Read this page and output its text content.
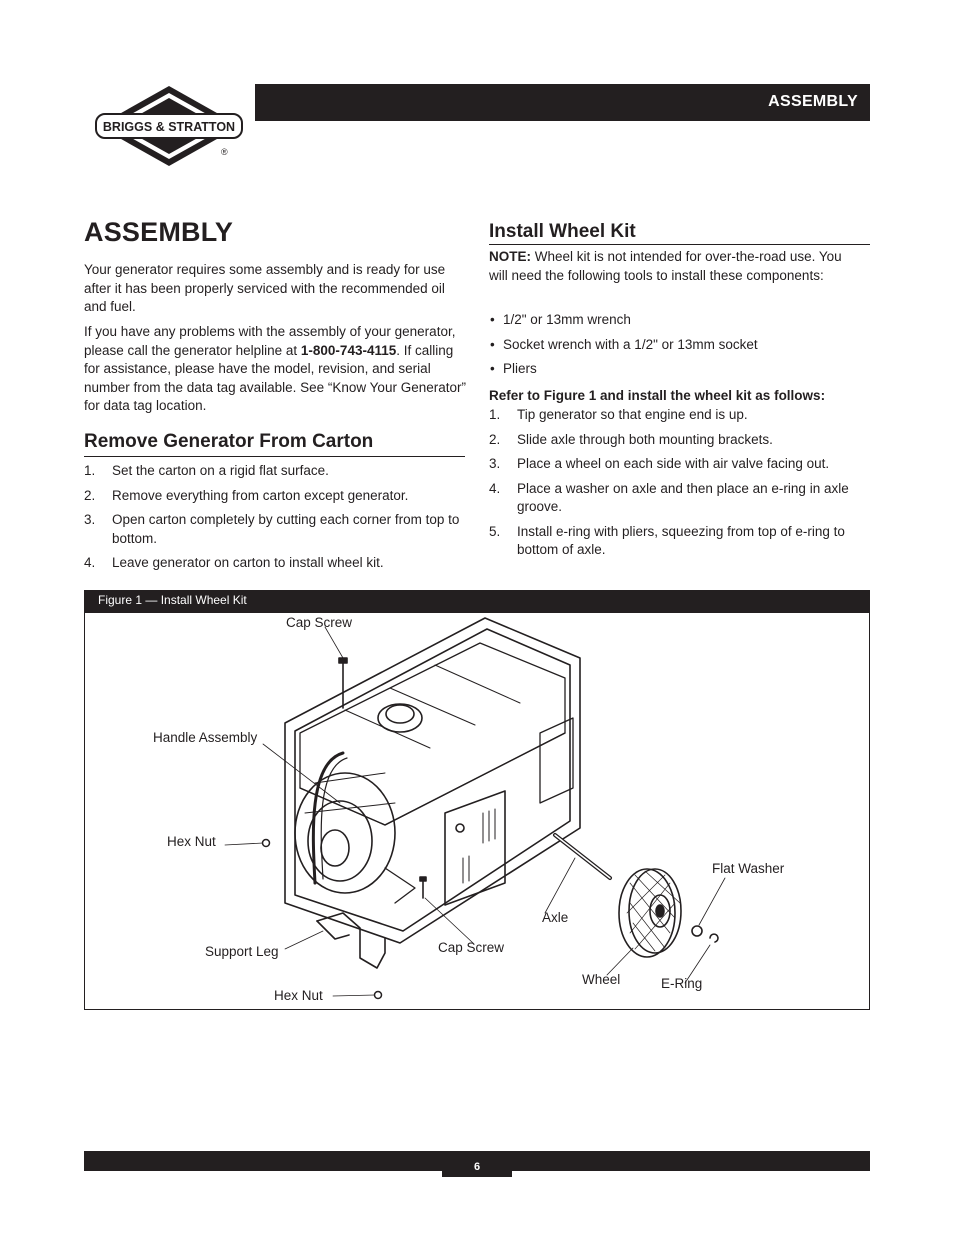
BRIGGS & STRATTON
®
ASSEMBLY
ASSEMBLY

Your generator requires some assembly and is ready for use after it has been properly serviced with the recommended oil and fuel.

If you have any problems with the assembly of your generator, please call the generator helpline at 1-800-743-4115. If calling for assistance, please have the model, revision, and serial number from the data tag available. See “Know Your Generator” for data tag location.

Remove Generator From Carton
1. Set the carton on a rigid flat surface.
2. Remove everything from carton except generator.
3. Open carton completely by cutting each corner from top to bottom.
4. Leave generator on carton to install wheel kit.
Install Wheel Kit

NOTE: Wheel kit is not intended for over-the-road use. You will need the following tools to install these components:

• 1/2" or 13mm wrench
• Socket wrench with a 1/2" or 13mm socket
• Pliers

Refer to Figure 1 and install the wheel kit as follows:

1. Tip generator so that engine end is up.
2. Slide axle through both mounting brackets.
3. Place a wheel on each side with air valve facing out.
4. Place a washer on axle and then place an e-ring in axle groove.
5. Install e-ring with pliers, squeezing from top of e-ring to bottom of axle.
Figure 1 — Install Wheel Kit
Cap Screw
Handle Assembly
Hex Nut
Support Leg
Hex Nut
Cap Screw
Axle
Wheel
Flat Washer
E-Ring
6
